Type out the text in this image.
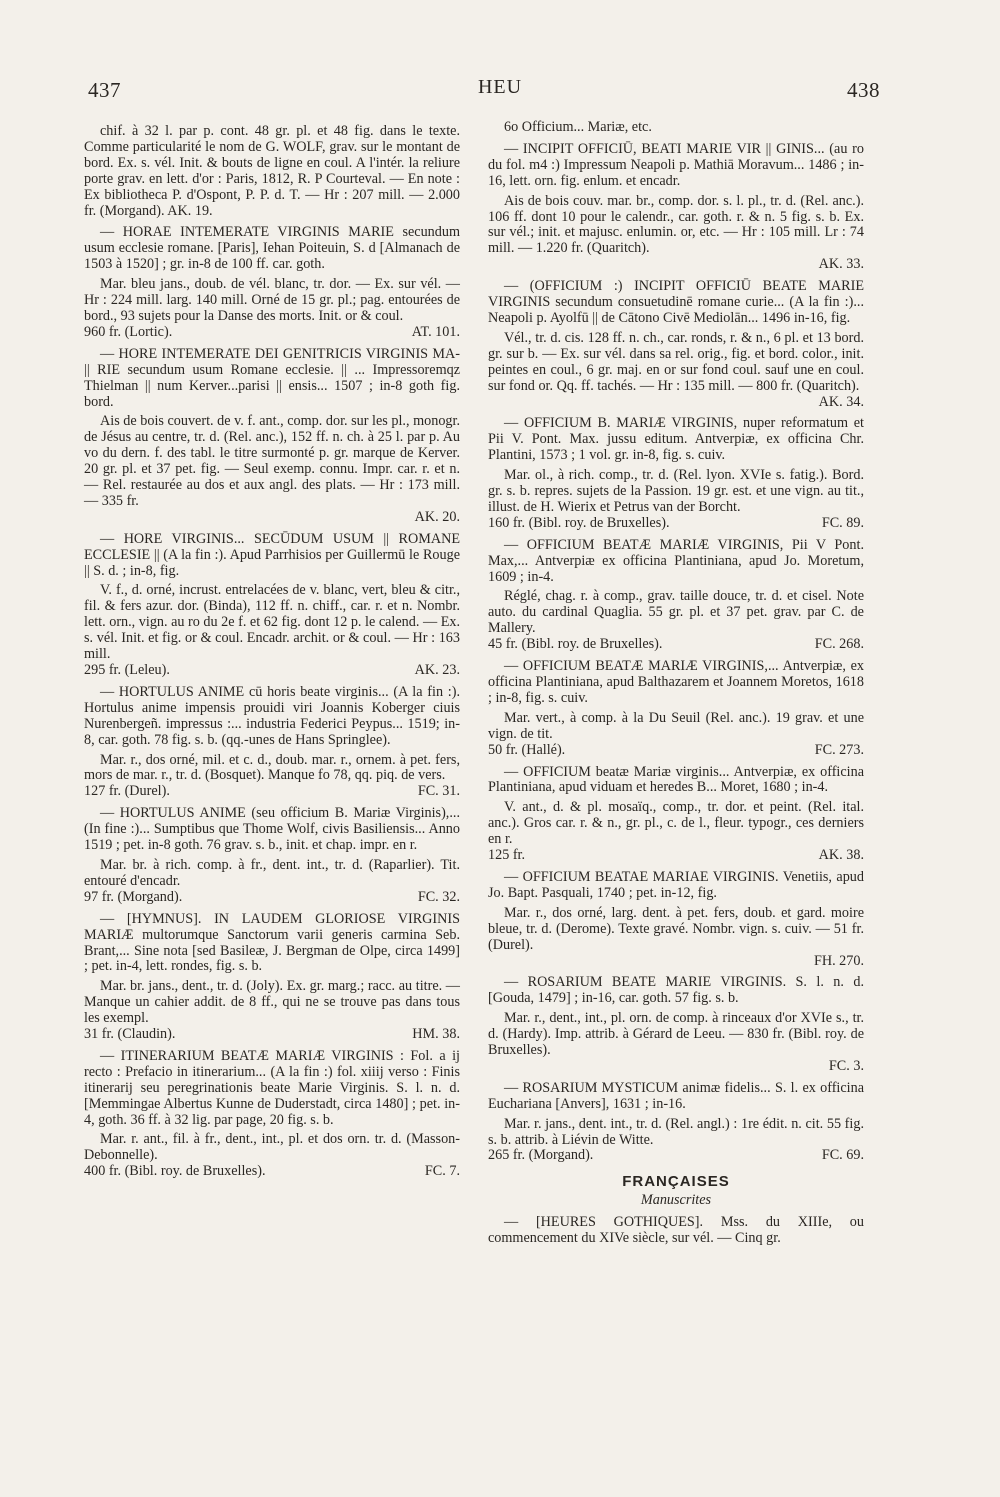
437	HEU	438

chif. à 32 l. par p. cont. 48 gr. pl. et 48 fig. dans le texte. Comme particularité le nom de G. WOLF, grav. sur le montant de bord. Ex. s. vél. Init. & bouts de ligne en coul. A l'intér. la reliure porte grav. en lett. d'or : Paris, 1812, R. P Courteval. — En note : Ex bibliotheca P. d'Ospont, P. P. d. T. — Hr : 207 mill. — 2.000 fr. (Morgand). AK. 19.

— HORAE INTEMERATE VIRGINIS MARIE secundum usum ecclesie romane. [Paris], Iehan Poiteuin, S. d [Almanach de 1503 à 1520] ; gr. in-8 de 100 ff. car. goth.

Mar. bleu jans., doub. de vél. blanc, tr. dor. — Ex. sur vél. — Hr : 224 mill. larg. 140 mill. Orné de 15 gr. pl.; pag. entourées de bord., 93 sujets pour la Danse des morts. Init. or & coul.

960 fr. (Lortic).	AT. 101.

— HORE INTEMERATE DEI GENITRICIS VIRGINIS MA- || RIE secundum usum Romane ecclesie. || ... Impressoremqz Thielman || num Kerver...parisi || ensis... 1507 ; in-8 goth fig. bord.

Ais de bois couvert. de v. f. ant., comp. dor. sur les pl., monogr. de Jésus au centre, tr. d. (Rel. anc.), 152 ff. n. ch. à 25 l. par p. Au vo du dern. f. des tabl. le titre surmonté p. gr. marque de Kerver. 20 gr. pl. et 37 pet. fig. — Seul exemp. connu. Impr. car. r. et n. — Rel. restaurée au dos et aux angl. des plats. — Hr : 173 mill. — 335 fr.

AK. 20.

— HORE VIRGINIS... SECŪDUM USUM || ROMANE ECCLESIE || (A la fin :). Apud Parrhisios per Guillermū le Rouge || S. d. ; in-8, fig.

V. f., d. orné, incrust. entrelacées de v. blanc, vert, bleu & citr., fil. & fers azur. dor. (Binda), 112 ff. n. chiff., car. r. et n. Nombr. lett. orn., vign. au ro du 2e f. et 62 fig. dont 12 p. le calend. — Ex. s. vél. Init. et fig. or & coul. Encadr. archit. or & coul. — Hr : 163 mill.

295 fr. (Leleu).	AK. 23.

— HORTULUS ANIME cū horis beate virginis... (A la fin :). Hortulus anime impensis prouidi viri Joannis Koberger ciuis Nurenbergeñ. impressus :... industria Federici Peypus... 1519; in-8, car. goth. 78 fig. s. b. (qq.-unes de Hans Springlee).

Mar. r., dos orné, mil. et c. d., doub. mar. r., ornem. à pet. fers, mors de mar. r., tr. d. (Bosquet). Manque fo 78, qq. piq. de vers.

127 fr. (Durel).	FC. 31.

— HORTULUS ANIME (seu officium B. Mariæ Virginis),... (In fine :)... Sumptibus que Thome Wolf, civis Basiliensis... Anno 1519 ; pet. in-8 goth. 76 grav. s. b., init. et chap. impr. en r.

Mar. br. à rich. comp. à fr., dent. int., tr. d. (Raparlier). Tit. entouré d'encadr.

97 fr. (Morgand).	FC. 32.

— [HYMNUS]. IN LAUDEM GLORIOSE VIRGINIS MARIÆ multorumque Sanctorum varii generis carmina Seb. Brant,... Sine nota [sed Basileæ, J. Bergman de Olpe, circa 1499] ; pet. in-4, lett. rondes, fig. s. b.

Mar. br. jans., dent., tr. d. (Joly). Ex. gr. marg.; racc. au titre. — Manque un cahier addit. de 8 ff., qui ne se trouve pas dans tous les exempl.

31 fr. (Claudin).	HM. 38.

— ITINERARIUM BEATÆ MARIÆ VIRGINIS : Fol. a ij recto : Prefacio in itinerarium... (A la fin :) fol. xiiij verso : Finis itinerarij seu peregrinationis beate Marie Virginis. S. l. n. d. [Memmingae Albertus Kunne de Duderstadt, circa 1480] ; pet. in-4, goth. 36 ff. à 32 lig. par page, 20 fig. s. b.

Mar. r. ant., fil. à fr., dent., int., pl. et dos orn. tr. d. (Masson-Debonnelle).

400 fr. (Bibl. roy. de Bruxelles).	FC. 7.

6o Officium... Mariæ, etc.

— INCIPIT OFFICIŪ, BEATI MARIE VIR || GINIS... (au ro du fol. m4 :) Impressum Neapoli p. Mathiā Moravum... 1486 ; in-16, lett. orn. fig. enlum. et encadr.

Ais de bois couv. mar. br., comp. dor. s. l. pl., tr. d. (Rel. anc.). 106 ff. dont 10 pour le calendr., car. goth. r. & n. 5 fig. s. b. Ex. sur vél.; init. et majusc. enlumin. or, etc. — Hr : 105 mill. Lr : 74 mill. — 1.220 fr. (Quaritch).

AK. 33.

— (OFFICIUM :) INCIPIT OFFICIŪ BEATE MARIE VIRGINIS secundum consuetudinē romane curie... (A la fin :)... Neapoli p. Ayolfū || de Cātono Civē Mediolān... 1496 in-16, fig.

Vél., tr. d. cis. 128 ff. n. ch., car. ronds, r. & n., 6 pl. et 13 bord. gr. sur b. — Ex. sur vél. dans sa rel. orig., fig. et bord. color., init. peintes en coul., 6 gr. maj. en or sur fond coul. sauf une en coul. sur fond or. Qq. ff. tachés. — Hr : 135 mill. — 800 fr. (Quaritch).

AK. 34.

— OFFICIUM B. MARIÆ VIRGINIS, nuper reformatum et Pii V. Pont. Max. jussu editum. Antverpiæ, ex officina Chr. Plantini, 1573 ; 1 vol. gr. in-8, fig. s. cuiv.

Mar. ol., à rich. comp., tr. d. (Rel. lyon. XVIe s. fatig.). Bord. gr. s. b. repres. sujets de la Passion. 19 gr. est. et une vign. au tit., illust. de H. Wierix et Petrus van der Borcht.

160 fr. (Bibl. roy. de Bruxelles).	FC. 89.

— OFFICIUM BEATÆ MARIÆ VIRGINIS, Pii V Pont. Max,... Antverpiæ ex officina Plantiniana, apud Jo. Moretum, 1609 ; in-4.

Réglé, chag. r. à comp., grav. taille douce, tr. d. et cisel. Note auto. du cardinal Quaglia. 55 gr. pl. et 37 pet. grav. par C. de Mallery.

45 fr. (Bibl. roy. de Bruxelles).	FC. 268.

— OFFICIUM BEATÆ MARIÆ VIRGINIS,... Antverpiæ, ex officina Plantiniana, apud Balthazarem et Joannem Moretos, 1618 ; in-8, fig. s. cuiv.

Mar. vert., à comp. à la Du Seuil (Rel. anc.). 19 grav. et une vign. de tit.

50 fr. (Hallé).	FC. 273.

— OFFICIUM beatæ Mariæ virginis... Antverpiæ, ex officina Plantiniana, apud viduam et heredes B... Moret, 1680 ; in-4.

V. ant., d. & pl. mosaïq., comp., tr. dor. et peint. (Rel. ital. anc.). Gros car. r. & n., gr. pl., c. de l., fleur. typogr., ces derniers en r.

125 fr.	AK. 38.

— OFFICIUM BEATAE MARIAE VIRGINIS. Venetiis, apud Jo. Bapt. Pasquali, 1740 ; pet. in-12, fig.

Mar. r., dos orné, larg. dent. à pet. fers, doub. et gard. moire bleue, tr. d. (Derome). Texte gravé. Nombr. vign. s. cuiv. — 51 fr. (Durel).

FH. 270.

— ROSARIUM BEATE MARIE VIRGINIS. S. l. n. d. [Gouda, 1479] ; in-16, car. goth. 57 fig. s. b.

Mar. r., dent., int., pl. orn. de comp. à rinceaux d'or XVIe s., tr. d. (Hardy). Imp. attrib. à Gérard de Leeu. — 830 fr. (Bibl. roy. de Bruxelles).

FC. 3.

— ROSARIUM MYSTICUM animæ fidelis... S. l. ex officina Eucharianа [Anvers], 1631 ; in-16.

Mar. r. jans., dent. int., tr. d. (Rel. angl.) : 1re édit. n. cit. 55 fig. s. b. attrib. à Liévin de Witte.

265 fr. (Morgand).	FC. 69.
FRANÇAISES
Manuscrites

— [HEURES GOTHIQUES]. Mss. du XIIIe, ou commencement du XIVe siècle, sur vél. — Cinq gr.
